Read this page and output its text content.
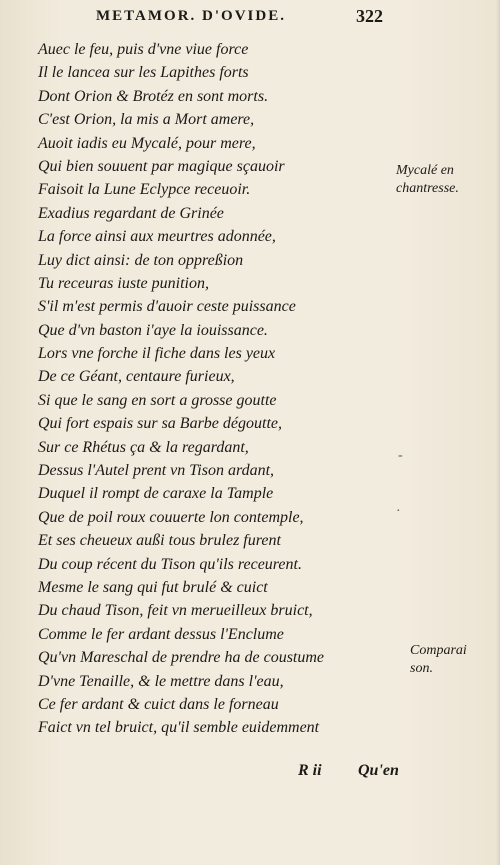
METAMOR. D'OVIDE.	322
Auec le feu, puis d'vne viue force
Il le lancea sur les Lapithes forts
Dont Orion & Brotéz en sont morts.
C'est Orion, la mis a Mort amere,
Auoit iadis eu Mycalé, pour mere,
Qui bien souuent par magique sçauoir
Faisoit la Lune Eclypce receuoir.
Exadius regardant de Grinée
La force ainsi aux meurtres adonnée,
Luy dict ainsi: de ton oppreßion
Tu receuras iuste punition,
S'il m'est permis d'auoir ceste puissance
Que d'vn baston i'aye la iouissance.
Lors vne forche il fiche dans les yeux
De ce Géant, centaure furieux,
Si que le sang en sort a grosse goutte
Qui fort espais sur sa Barbe dégoutte,
Sur ce Rhétus ça & la regardant,
Dessus l'Autel prent vn Tison ardant,
Duquel il rompt de caraxe la Tample
Que de poil roux couuerte lon contemple,
Et ses cheueux außi tous brulez furent
Du coup récent du Tison qu'ils receurent.
Mesme le sang qui fut brulé & cuict
Du chaud Tison, feit vn merueilleux bruict,
Comme le fer ardant dessus l'Enclume
Qu'vn Mareschal de prendre ha de coustume
D'vne Tenaille, & le mettre dans l'eau,
Ce fer ardant & cuict dans le forneau
Faict vn tel bruict, qu'il semble euidemment
Mycalé en
chantresse.
Comparai
son.
-
·
R ii Qu'en
